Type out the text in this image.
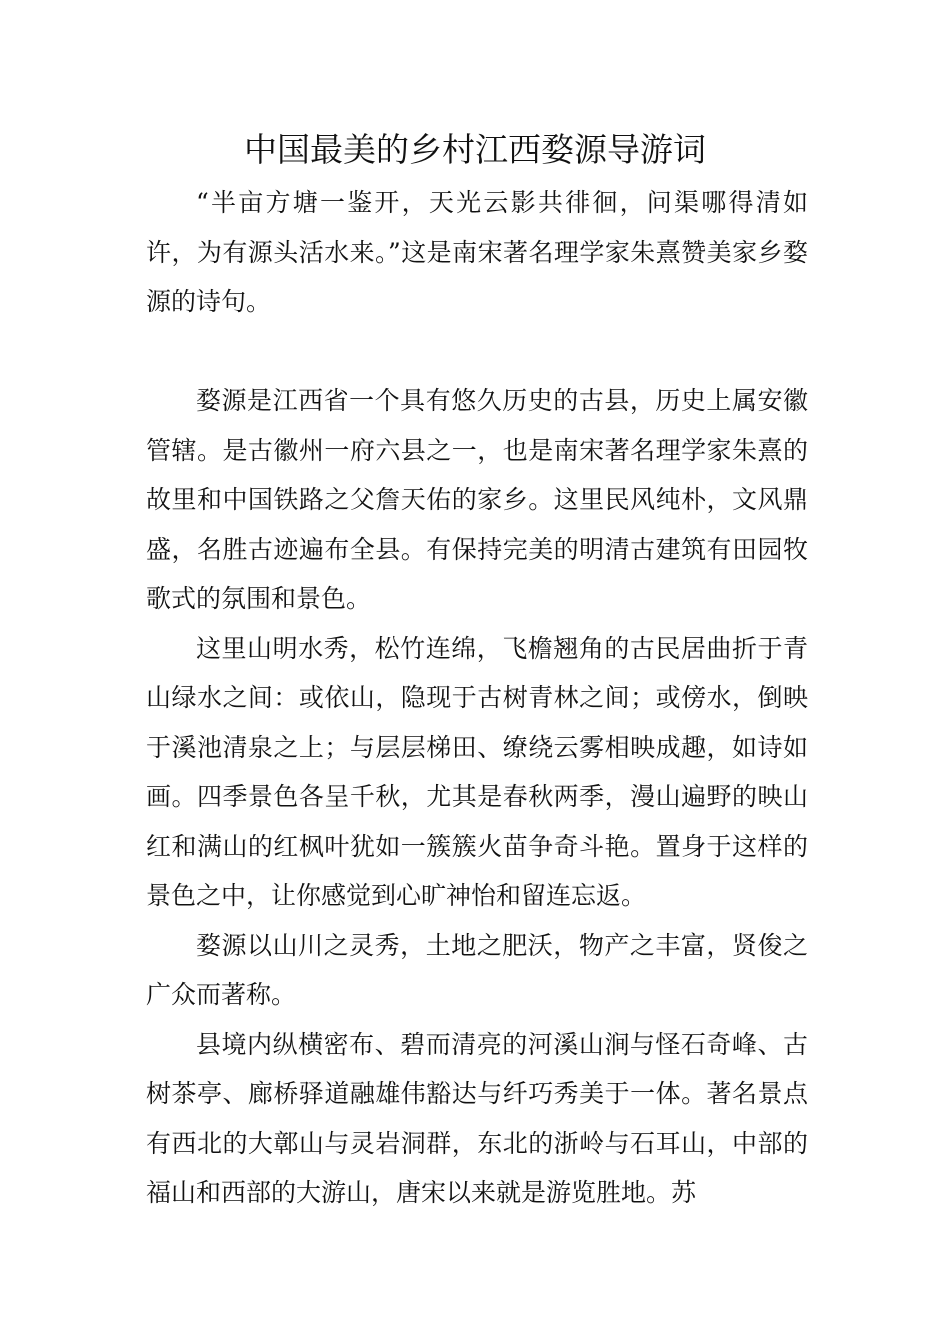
中国最美的乡村江西婺源导游词

“半亩方塘一鉴开，天光云影共徘徊，问渠哪得清如许，为有源头活水来。”这是南宋著名理学家朱熹赞美家乡婺源的诗句。

婺源是江西省一个具有悠久历史的古县，历史上属安徽管辖。是古徽州一府六县之一，也是南宋著名理学家朱熹的故里和中国铁路之父詹天佑的家乡。这里民风纯朴，文风鼎盛，名胜古迹遍布全县。有保持完美的明清古建筑有田园牧歌式的氛围和景色。

这里山明水秀，松竹连绵，飞檐翘角的古民居曲折于青山绿水之间：或依山，隐现于古树青林之间；或傍水，倒映于溪池清泉之上；与层层梯田、缭绕云雾相映成趣，如诗如画。四季景色各呈千秋，尤其是春秋两季，漫山遍野的映山红和满山的红枫叶犹如一簇簇火苗争奇斗艳。置身于这样的景色之中，让你感觉到心旷神怡和留连忘返。

婺源以山川之灵秀，土地之肥沃，物产之丰富，贤俊之广众而著称。

县境内纵横密布、碧而清亮的河溪山涧与怪石奇峰、古树茶亭、廊桥驿道融雄伟豁达与纤巧秀美于一体。著名景点有西北的大鄣山与灵岩洞群，东北的浙岭与石耳山，中部的福山和西部的大游山，唐宋以来就是游览胜地。苏
